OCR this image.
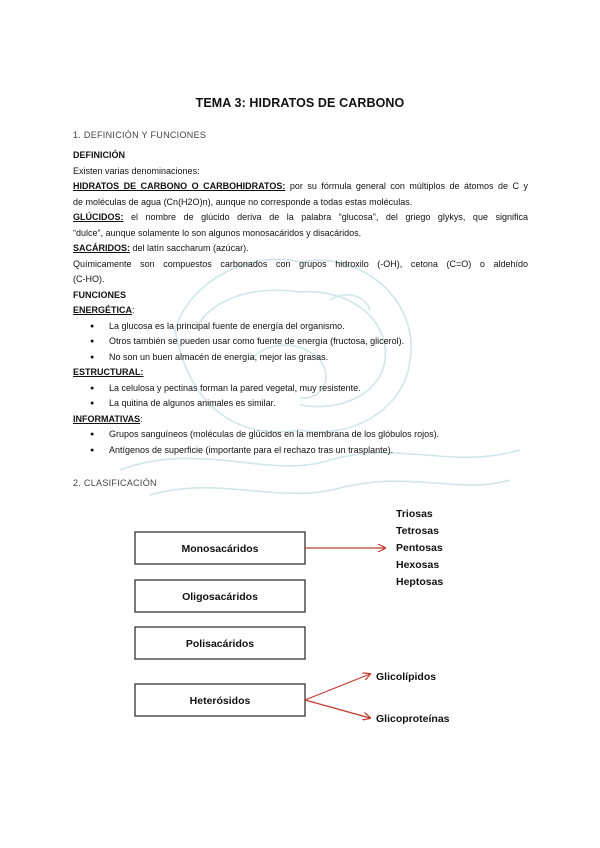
TEMA 3: HIDRATOS DE CARBONO
1. DEFINICIÓN Y FUNCIONES
DEFINICIÓN
Existen varias denominaciones:
HIDRATOS DE CARBONO O CARBOHIDRATOS: por su fórmula general con múltiplos de átomos de C y
de moléculas de agua (Cn(H2O)n), aunque no corresponde a todas estas moléculas.
GLÚCIDOS: el nombre de glúcido deriva de la palabra “glucosa”, del griego glykys, que significa
“dulce”, aunque solamente lo son algunos monosacáridos y disacáridos.
SACÁRIDOS: del latín saccharum (azúcar).
Químicamente son compuestos carbonados con grupos hidroxilo (-OH), cetona (C=O) o aldehído
(C-HO).
FUNCIONES
ENERGÉTICA:
● La glucosa es la principal fuente de energía del organismo.
● Otros también se pueden usar como fuente de energía (fructosa, glicerol).
● No son un buen almacén de energía, mejor las grasas.
ESTRUCTURAL:
● La celulosa y pectinas forman la pared vegetal, muy resistente.
● La quitina de algunos animales es similar.
INFORMATIVAS:
● Grupos sanguíneos (moléculas de glúcidos en la membrana de los glóbulos rojos).
● Antígenos de superficie (importante para el rechazo tras un trasplante).
2. CLASIFICACIÓN
Monosacáridos
Oligosacáridos
Polisacáridos
Heterósidos
Triosas
Tetrosas
Pentosas
Hexosas
Heptosas
Glicolípidos
Glicoproteínas
